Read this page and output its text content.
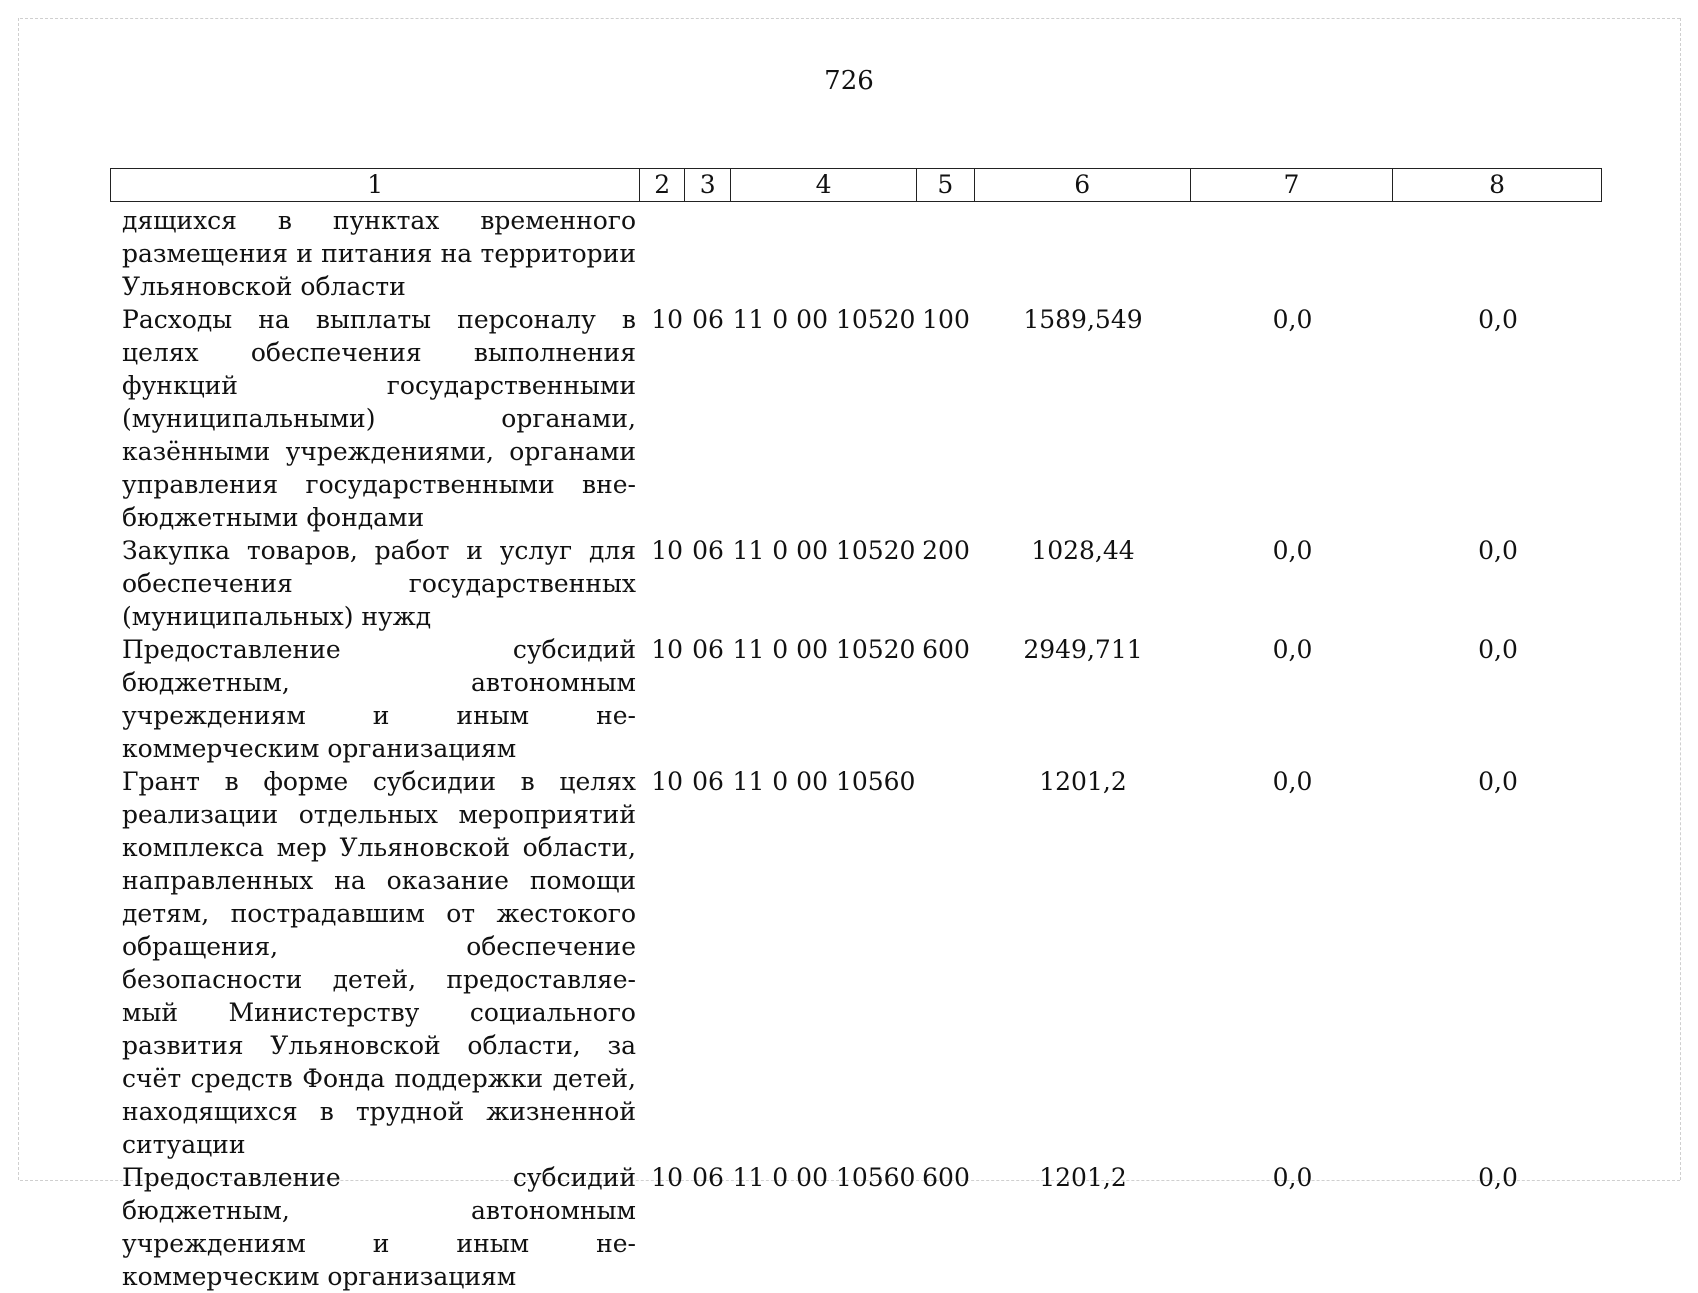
726
1	2	3	4	5	6	7	8
дящихся в пунктах временного размещения и питания на территории Ульяновской области
Расходы на выплаты персоналу в целях обеспечения выполнения функций государственными (муниципальными) органами, казёнными учреждениями, органами управления государственными внебюджетными фондами
10 06 11 0 00 10520 100	1589,549	0,0	0,0
Закупка товаров, работ и услуг для обеспечения государственных (муниципальных) нужд
10 06 11 0 00 10520 200	1028,44	0,0	0,0
Предоставление субсидий бюджетным, автономным учреждениям и иным некоммерческим организациям
10 06 11 0 00 10520 600	2949,711	0,0	0,0
Грант в форме субсидии в целях реализации отдельных мероприятий комплекса мер Ульяновской области, направленных на оказание помощи детям, пострадавшим от жестокого обращения, обеспечение безопасности детей, предоставляемый Министерству социального развития Ульяновской области, за счёт средств Фонда поддержки детей, находящихся в трудной жизненной ситуации
10 06 11 0 00 10560	1201,2	0,0	0,0
Предоставление субсидий бюджетным, автономным учреждениям и иным некоммерческим организациям
10 06 11 0 00 10560 600	1201,2	0,0	0,0
